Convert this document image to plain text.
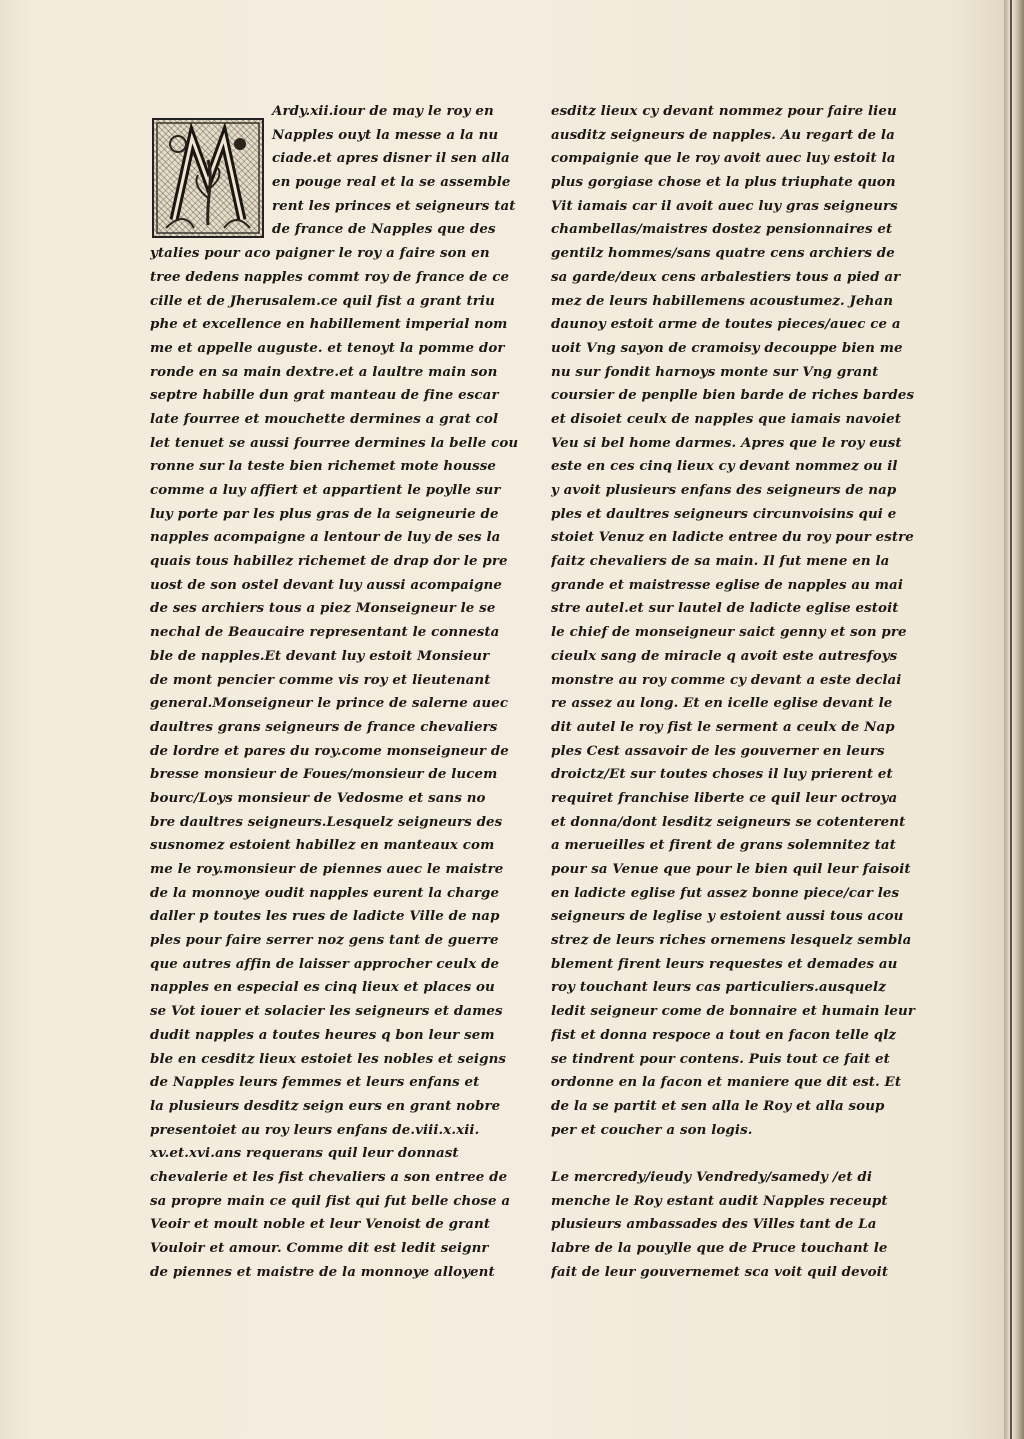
Ardy.xii.iour de may le roy en
Napples ouyt la messe a la nu
ciade.et apres disner il sen alla
en pouge real et la se assemble
rent les princes et seigneurs tat
de france de Napples que des
ytalies pour aco paigner le roy a faire son en
tree dedens napples commt roy de france de ce
cille et de Jherusalem.ce quil fist a grant triu
phe et excellence en habillement imperial nom
me et appelle auguste. et tenoyt la pomme dor
ronde en sa main dextre.et a laultre main son
septre habille dun grat manteau de fine escar
late fourree et mouchette dermines a grat col
let tenuet se aussi fourree dermines la belle cou
ronne sur la teste bien richemet mote housse
comme a luy affiert et appartient le poylle sur
luy porte par les plus gras de la seigneurie de
napples acompaigne a lentour de luy de ses la
quais tous habillez richemet de drap dor le pre
uost de son ostel devant luy aussi acompaigne
de ses archiers tous a piez Monseigneur le se
nechal de Beaucaire representant le connesta
ble de napples.Et devant luy estoit Monsieur
de mont pencier comme vis roy et lieutenant
general.Monseigneur le prince de salerne auec
daultres grans seigneurs de france chevaliers
de lordre et pares du roy.come monseigneur de
bresse monsieur de Foues/monsieur de lucem
bourc/Loys monsieur de Vedosme et sans no
bre daultres seigneurs.Lesquelz seigneurs des
susnomez estoient habillez en manteaux com
me le roy.monsieur de piennes auec le maistre
de la monnoye oudit napples eurent la charge
daller p toutes les rues de ladicte Ville de nap
ples pour faire serrer noz gens tant de guerre
que autres affin de laisser approcher ceulx de
napples en especial es cinq lieux et places ou
se Vot iouer et solacier les seigneurs et dames
dudit napples a toutes heures q bon leur sem
ble en cesditz lieux estoiet les nobles et seigns
de Napples leurs femmes et leurs enfans et
la plusieurs desditz seign eurs en grant nobre
presentoiet au roy leurs enfans de.viii.x.xii.
xv.et.xvi.ans requerans quil leur donnast
chevalerie et les fist chevaliers a son entree de
sa propre main ce quil fist qui fut belle chose a
Veoir et moult noble et leur Venoist de grant
Vouloir et amour. Comme dit est ledit seignr
de piennes et maistre de la monnoye alloyent
esditz lieux cy devant nommez pour faire lieu
ausditz seigneurs de napples. Au regart de la
compaignie que le roy avoit auec luy estoit la
plus gorgiase chose et la plus triuphate quon
Vit iamais car il avoit auec luy gras seigneurs
chambellas/maistres dostez pensionnaires et
gentilz hommes/sans quatre cens archiers de
sa garde/deux cens arbalestiers tous a pied ar
mez de leurs habillemens acoustumez. Jehan
daunoy estoit arme de toutes pieces/auec ce a
uoit Vng sayon de cramoisy decouppe bien me
nu sur fondit harnoys monte sur Vng grant
coursier de penplle bien barde de riches bardes
et disoiet ceulx de napples que iamais navoiet
Veu si bel home darmes. Apres que le roy eust
este en ces cinq lieux cy devant nommez ou il
y avoit plusieurs enfans des seigneurs de nap
ples et daultres seigneurs circunvoisins qui e
stoiet Venuz en ladicte entree du roy pour estre
faitz chevaliers de sa main. Il fut mene en la
grande et maistresse eglise de napples au mai
stre autel.et sur lautel de ladicte eglise estoit
le chief de monseigneur saict genny et son pre
cieulx sang de miracle q avoit este autresfoys
monstre au roy comme cy devant a este declai
re assez au long. Et en icelle eglise devant le
dit autel le roy fist le serment a ceulx de Nap
ples Cest assavoir de les gouverner en leurs
droictz/Et sur toutes choses il luy prierent et
requiret franchise liberte ce quil leur octroya
et donna/dont lesditz seigneurs se cotenterent
a merueilles et firent de grans solemnitez tat
pour sa Venue que pour le bien quil leur faisoit
en ladicte eglise fut assez bonne piece/car les
seigneurs de leglise y estoient aussi tous acou
strez de leurs riches ornemens lesquelz sembla
blement firent leurs requestes et demades au
roy touchant leurs cas particuliers.ausquelz
ledit seigneur come de bonnaire et humain leur
fist et donna respoce a tout en facon telle qlz
se tindrent pour contens. Puis tout ce fait et
ordonne en la facon et maniere que dit est. Et
de la se partit et sen alla le Roy et alla soup
per et coucher a son logis.
Le mercredy/ieudy Vendredy/samedy /et di
menche le Roy estant audit Napples receupt
plusieurs ambassades des Villes tant de La
labre de la pouylle que de Pruce touchant le
fait de leur gouvernemet sca voit quil devoit
